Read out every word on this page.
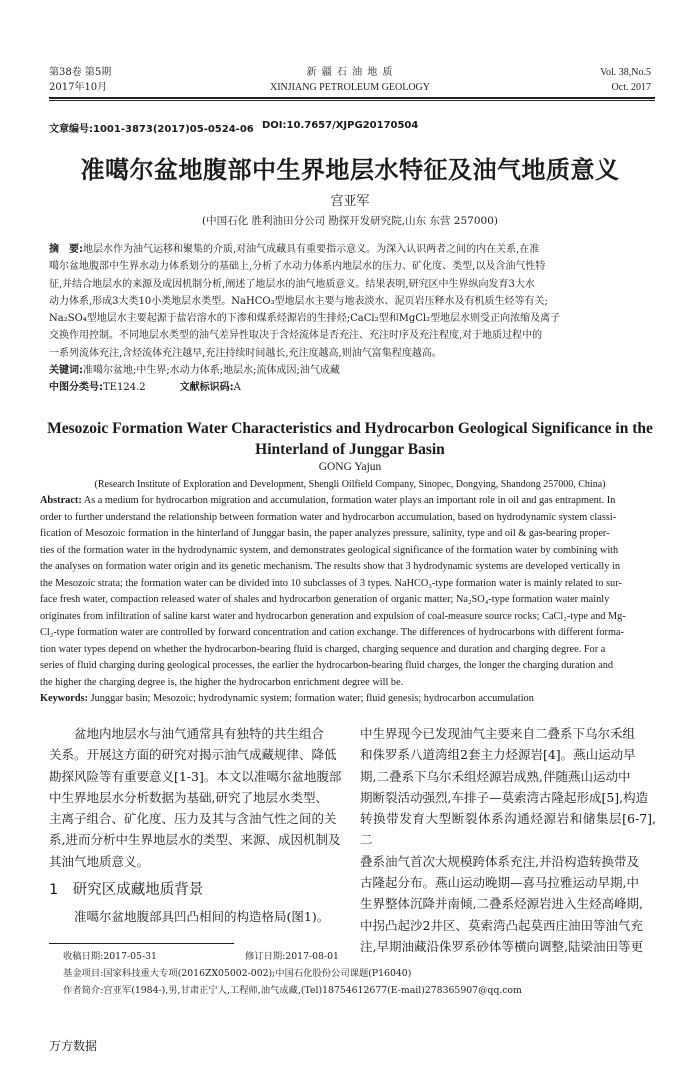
第38卷 第5期
2017年10月
新 疆 石 油 地 质
XINJIANG PETROLEUM GEOLOGY
Vol. 38,No.5
Oct. 2017
文章编号:1001-3873(2017)05-0524-06 DOI:10.7657/XJPG20170504
准噶尔盆地腹部中生界地层水特征及油气地质意义
宫亚军
(中国石化 胜利油田分公司 勘探开发研究院,山东 东营 257000)
摘　要:地层水作为油气运移和聚集的介质,对油气成藏具有重要指示意义。为深入认识两者之间的内在关系,在准
噶尔盆地腹部中生界水动力体系划分的基础上,分析了水动力体系内地层水的压力、矿化度、类型,以及含油气性特
征,并结合地层水的来源及成因机制分析,阐述了地层水的油气地质意义。结果表明,研究区中生界纵向发育3大水
动力体系,形成3大类10小类地层水类型。NaHCO₃型地层水主要与地表淡水、泥页岩压释水及有机质生烃等有关;
Na₂SO₄型地层水主要起源于盐岩溶水的下渗和煤系烃源岩的生排烃;CaCl₂型和MgCl₂型地层水则受正向浓缩及离子
交换作用控制。不同地层水类型的油气差异性取决于含烃流体是否充注、充注时序及充注程度,对于地质过程中的
一系列流体充注,含烃流体充注越早,充注持续时间越长,充注度越高,则油气富集程度越高。
关键词:准噶尔盆地;中生界;水动力体系;地层水;流体成因;油气成藏
中图分类号:TE124.2	文献标识码:A
Mesozoic Formation Water Characteristics and Hydrocarbon Geological Significance in the
Hinterland of Junggar Basin
GONG Yajun
(Research Institute of Exploration and Development, Shengli Oilfield Company, Sinopec, Dongying, Shandong 257000, China)
Abstract: As a medium for hydrocarbon migration and accumulation, formation water plays an important role in oil and gas entrapment. In
order to further understand the relationship between formation water and hydrocarbon accumulation, based on hydrodynamic system classi-
fication of Mesozoic formation in the hinterland of Junggar basin, the paper analyzes pressure, salinity, type and oil & gas-bearing proper-
ties of the formation water in the hydrodynamic system, and demonstrates geological significance of the formation water by combining with
the analyses on formation water origin and its genetic mechanism. The results show that 3 hydrodynamic systems are developed vertically in
the Mesozoic strata; the formation water can be divided into 10 subclasses of 3 types. NaHCO₃-type formation water is mainly related to sur-
face fresh water, compaction released water of shales and hydrocarbon generation of organic matter; Na₂SO₄-type formation water mainly
originates from infiltration of saline karst water and hydrocarbon generation and expulsion of coal-measure source rocks; CaCl₂-type and Mg-
Cl₂-type formation water are controlled by forward concentration and cation exchange. The differences of hydrocarbons with different forma-
tion water types depend on whether the hydrocarbon-bearing fluid is charged, charging sequence and duration and charging degree. For a
series of fluid charging during geological processes, the earlier the hydrocarbon-bearing fluid charges, the longer the charging duration and
the higher the charging degree is, the higher the hydrocarbon enrichment degree will be.
Keywords: Junggar basin; Mesozoic; hydrodynamic system; formation water; fluid genesis; hydrocarbon accumulation
　　盆地内地层水与油气通常具有独特的共生组合
关系。开展这方面的研究对揭示油气成藏规律、降低
勘探风险等有重要意义[1-3]。本文以准噶尔盆地腹部
中生界地层水分析数据为基础,研究了地层水类型、
主离子组合、矿化度、压力及其与含油气性之间的关
系,进而分析中生界地层水的类型、来源、成因机制及
其油气地质意义。
1　研究区成藏地质背景
　　准噶尔盆地腹部具凹凸相间的构造格局(图1)。
中生界现今已发现油气主要来自二叠系下乌尔禾组
和侏罗系八道湾组2套主力烃源岩[4]。燕山运动早
期,二叠系下乌尔禾组烃源岩成熟,伴随燕山运动中
期断裂活动强烈,车排子—莫索湾古隆起形成[5],构造
转换带发育大型断裂体系沟通烃源岩和储集层[6-7],二
叠系油气首次大规模跨体系充注,并沿构造转换带及
古隆起分布。燕山运动晚期—喜马拉雅运动早期,中
生界整体沉降并南倾,二叠系烃源岩进入生烃高峰期,
中拐凸起沙2井区、莫索湾凸起莫西庄油田等油气充
注,早期油藏沿侏罗系砂体等横向调整,陆梁油田等更
收稿日期:2017-05-31	修订日期:2017-08-01
基金项目:国家科技重大专项(2016ZX05002-002);中国石化股份公司课题(P16040)
作者简介:宫亚军(1984-),男,甘肃正宁人,工程师,油气成藏,(Tel)18754612677(E-mail)278365907@qq.com
万方数据
